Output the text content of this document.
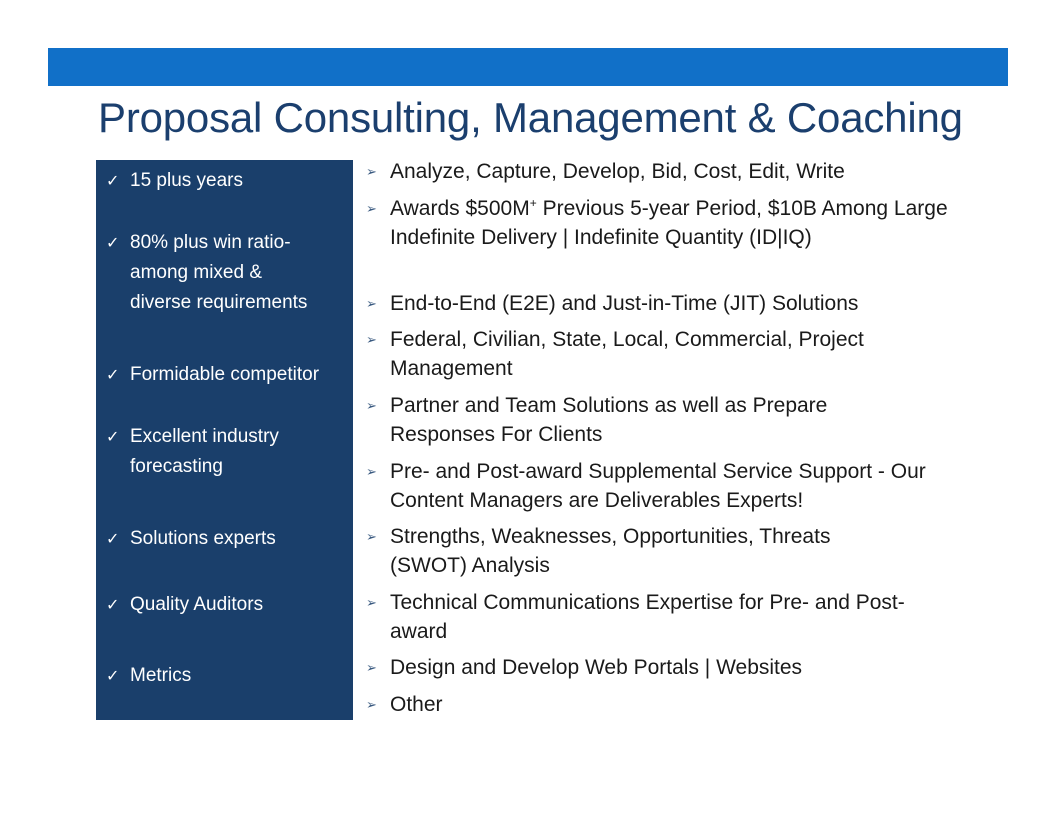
Proposal Consulting, Management & Coaching
✓ 15 plus years
✓ 80% plus win ratio- among mixed & diverse requirements
✓ Formidable competitor
✓ Excellent industry forecasting
✓ Solutions experts
✓ Quality Auditors
✓ Metrics
➢ Analyze, Capture, Develop, Bid, Cost, Edit, Write
➢ Awards $500M+ Previous 5-year Period, $10B Among Large Indefinite Delivery | Indefinite Quantity (ID|IQ)
➢ End-to-End (E2E) and Just-in-Time (JIT) Solutions
➢ Federal, Civilian, State, Local, Commercial, Project Management
➢ Partner and Team Solutions as well as Prepare Responses For Clients
➢ Pre- and Post-award Supplemental Service Support - Our Content Managers are Deliverables Experts!
➢ Strengths, Weaknesses, Opportunities, Threats (SWOT) Analysis
➢ Technical Communications Expertise for Pre- and Post-award
➢ Design and Develop Web Portals | Websites
➢ Other
